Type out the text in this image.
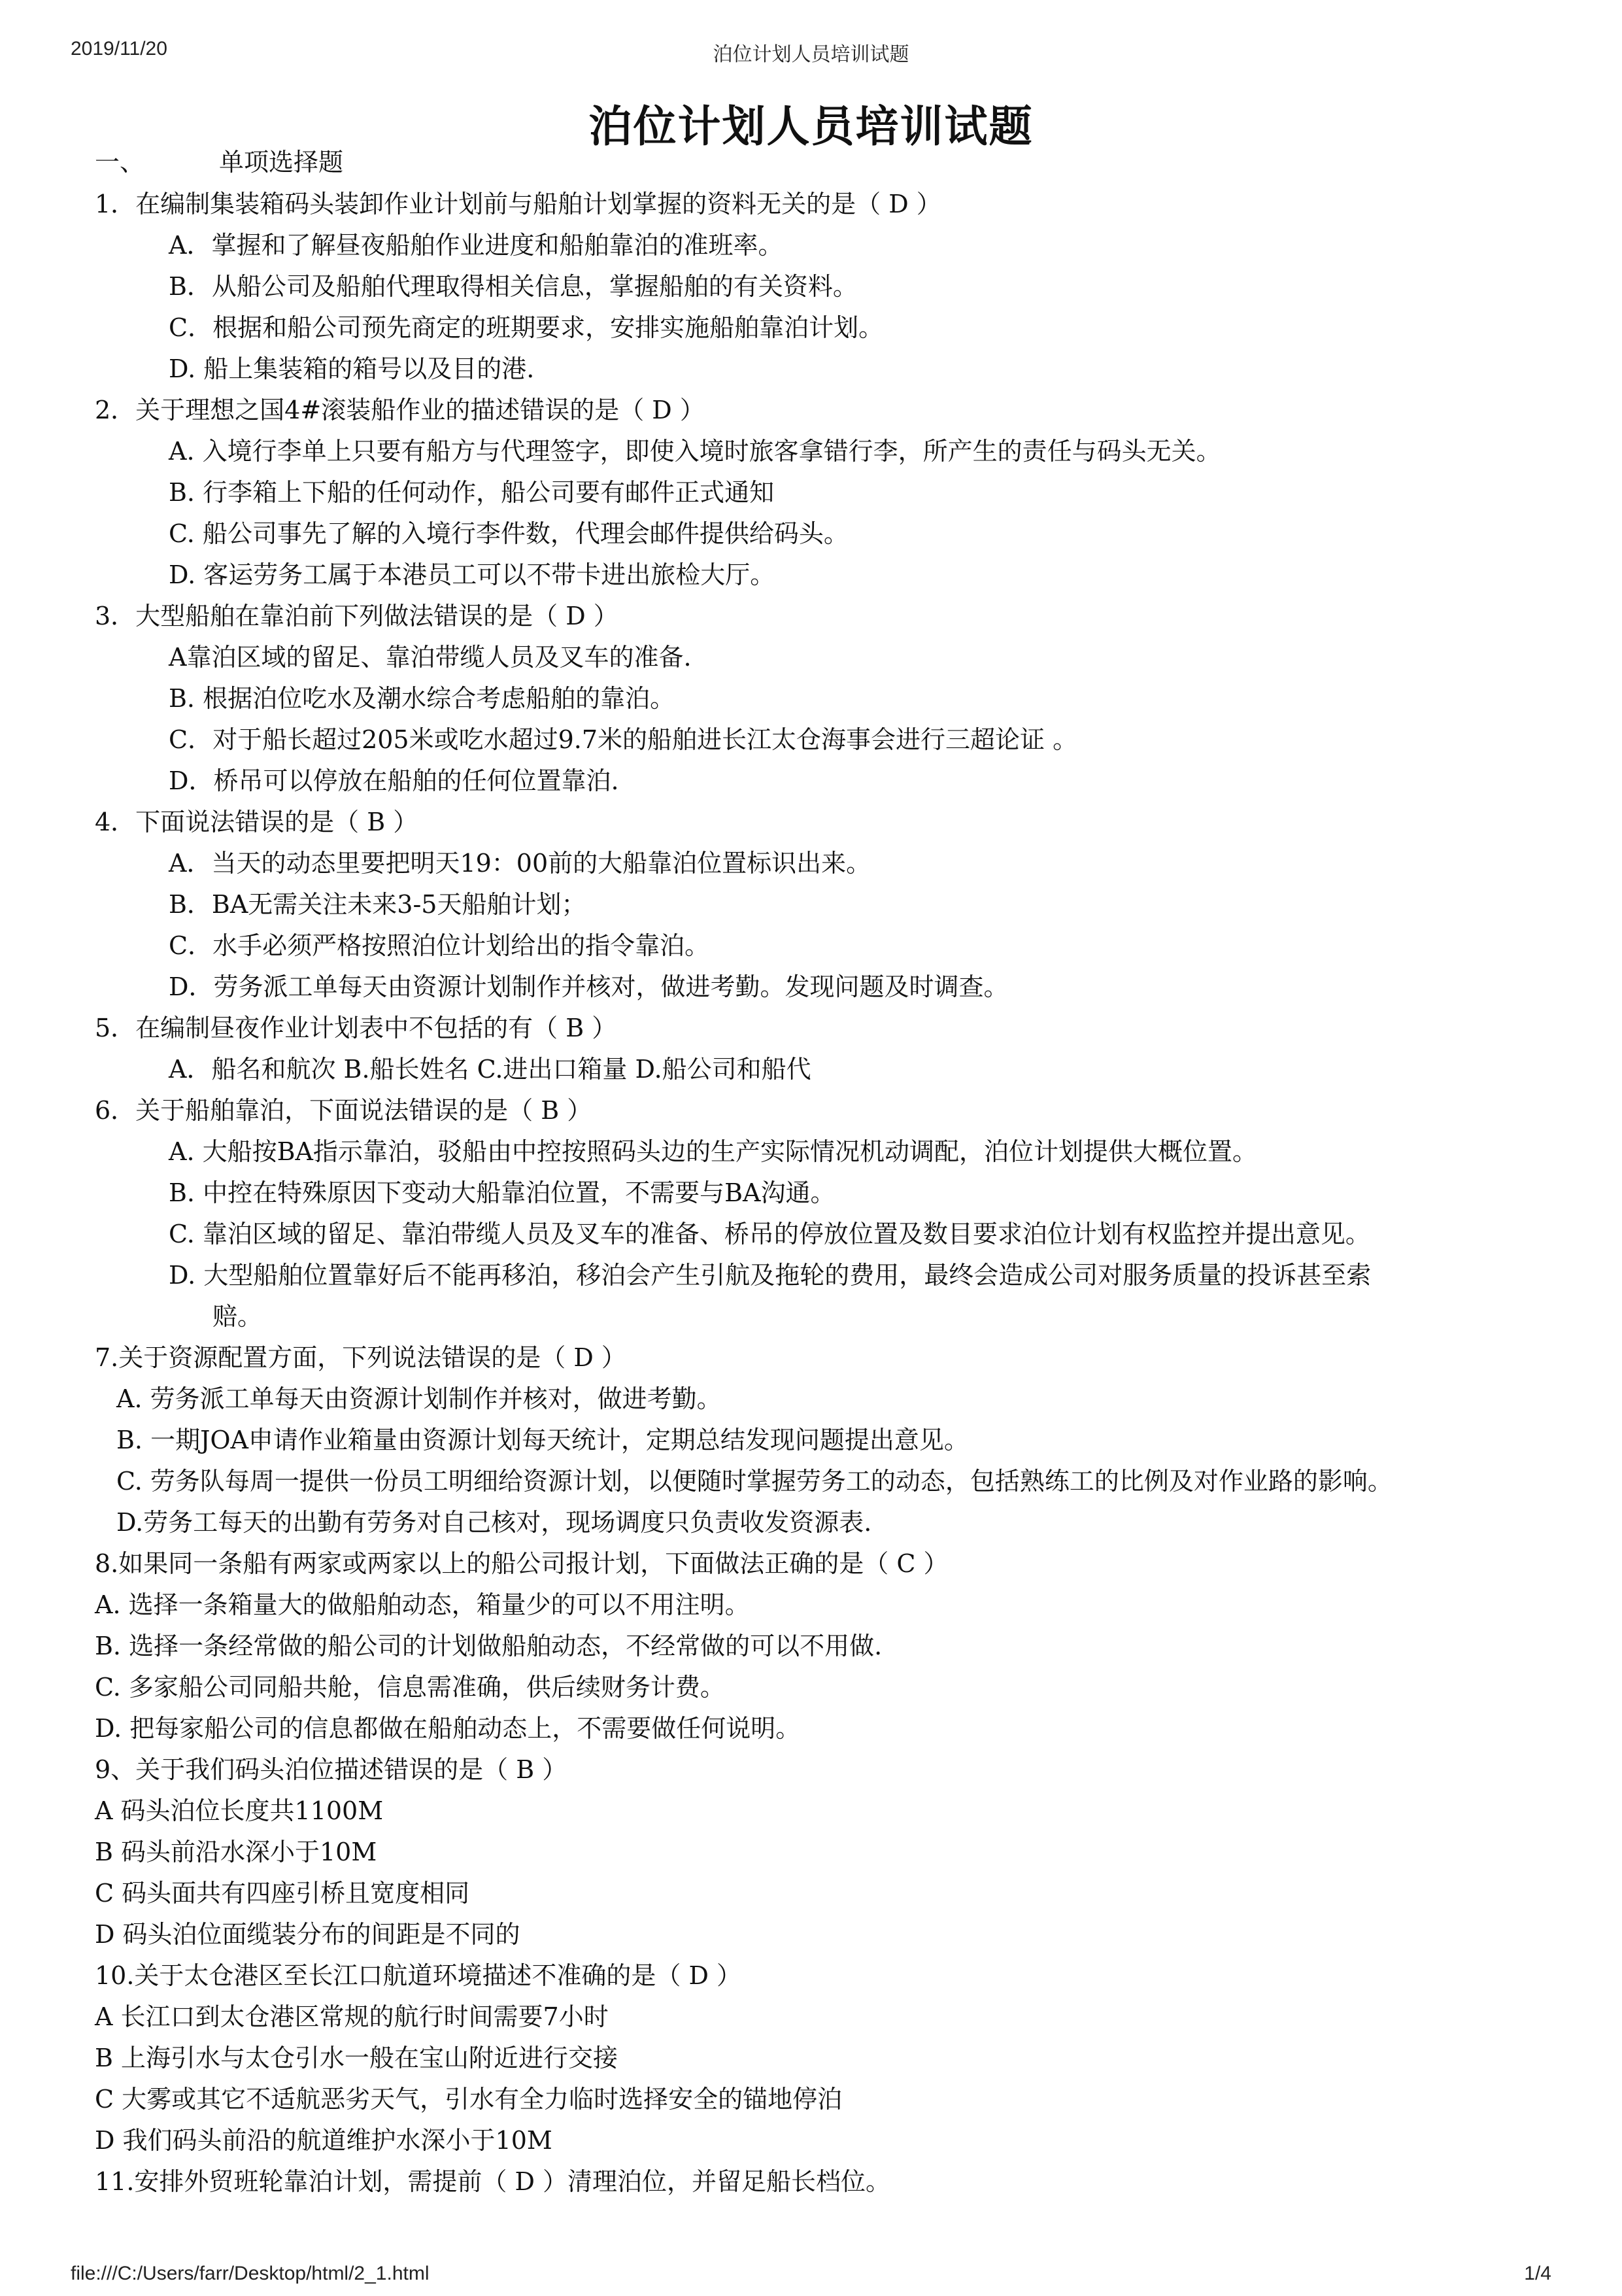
2019/11/20	泊位计划人员培训试题
泊位计划人员培训试题
一、	单项选择题
1．在编制集装箱码头装卸作业计划前与船舶计划掌握的资料无关的是（ D ）
A．掌握和了解昼夜船舶作业进度和船舶靠泊的准班率。
B．从船公司及船舶代理取得相关信息，掌握船舶的有关资料。
C．根据和船公司预先商定的班期要求，安排实施船舶靠泊计划。
D. 船上集装箱的箱号以及目的港.
2．关于理想之国4#滚装船作业的描述错误的是（ D ）
A. 入境行李单上只要有船方与代理签字，即使入境时旅客拿错行李，所产生的责任与码头无关。
B. 行李箱上下船的任何动作，船公司要有邮件正式通知
C. 船公司事先了解的入境行李件数，代理会邮件提供给码头。
D. 客运劳务工属于本港员工可以不带卡进出旅检大厅。
3．大型船舶在靠泊前下列做法错误的是（ D ）
A靠泊区域的留足、靠泊带缆人员及叉车的准备.
B. 根据泊位吃水及潮水综合考虑船舶的靠泊。
C．对于船长超过205米或吃水超过9.7米的船舶进长江太仓海事会进行三超论证 。
D．桥吊可以停放在船舶的任何位置靠泊.
4．下面说法错误的是（ B ）
A．当天的动态里要把明天19：00前的大船靠泊位置标识出来。
B．BA无需关注未来3-5天船舶计划；
C．水手必须严格按照泊位计划给出的指令靠泊。
D．劳务派工单每天由资源计划制作并核对，做进考勤。发现问题及时调查。
5．在编制昼夜作业计划表中不包括的有（ B ）
A．船名和航次 B.船长姓名 C.进出口箱量 D.船公司和船代
6．关于船舶靠泊，下面说法错误的是（ B ）
A. 大船按BA指示靠泊，驳船由中控按照码头边的生产实际情况机动调配，泊位计划提供大概位置。
B. 中控在特殊原因下变动大船靠泊位置，不需要与BA沟通。
C. 靠泊区域的留足、靠泊带缆人员及叉车的准备、桥吊的停放位置及数目要求泊位计划有权监控并提出意见。
D. 大型船舶位置靠好后不能再移泊，移泊会产生引航及拖轮的费用，最终会造成公司对服务质量的投诉甚至索
赔。
7.关于资源配置方面，下列说法错误的是（ D ）
A. 劳务派工单每天由资源计划制作并核对，做进考勤。
B. 一期JOA申请作业箱量由资源计划每天统计，定期总结发现问题提出意见。
C. 劳务队每周一提供一份员工明细给资源计划，以便随时掌握劳务工的动态，包括熟练工的比例及对作业路的影响。
D.劳务工每天的出勤有劳务对自己核对，现场调度只负责收发资源表.
8.如果同一条船有两家或两家以上的船公司报计划，下面做法正确的是（ C ）
A. 选择一条箱量大的做船舶动态，箱量少的可以不用注明。
B. 选择一条经常做的船公司的计划做船舶动态，不经常做的可以不用做.
C. 多家船公司同船共舱，信息需准确，供后续财务计费。
D. 把每家船公司的信息都做在船舶动态上，不需要做任何说明。
9、关于我们码头泊位描述错误的是（ B ）
A 码头泊位长度共1100M
B 码头前沿水深小于10M
C 码头面共有四座引桥且宽度相同
D 码头泊位面缆装分布的间距是不同的
10.关于太仓港区至长江口航道环境描述不准确的是（ D ）
A 长江口到太仓港区常规的航行时间需要7小时
B 上海引水与太仓引水一般在宝山附近进行交接
C 大雾或其它不适航恶劣天气，引水有全力临时选择安全的锚地停泊
D 我们码头前沿的航道维护水深小于10M
11.安排外贸班轮靠泊计划，需提前（ D ）清理泊位，并留足船长档位。
file:///C:/Users/farr/Desktop/html/2_1.html	1/4
